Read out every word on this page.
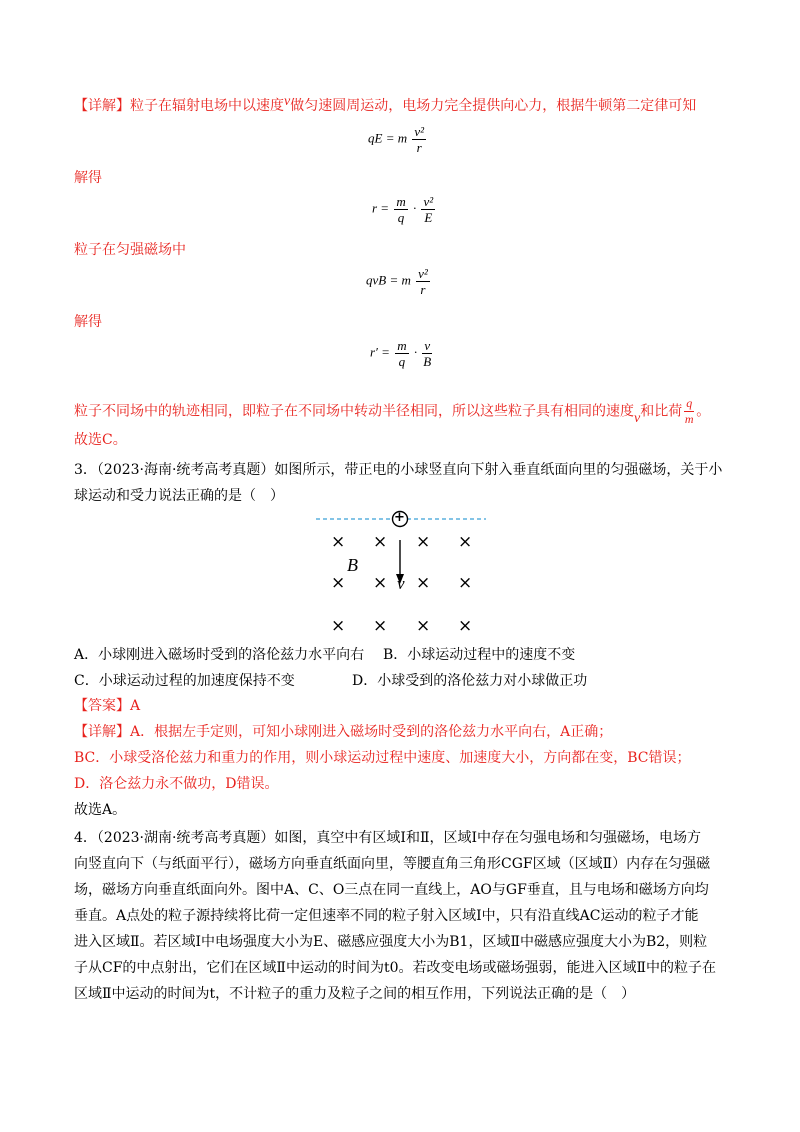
【详解】粒子在辐射电场中以速度v做匀速圆周运动，电场力完全提供向心力，根据牛顿第二定律可知
qE = m $\frac{\text{v²}}{r}$
解得
$r = \frac{m}{q} \cdot \frac{\text{v²}}{E}$
粒子在匀强磁场中
qvB = m $\frac{\text{v²}}{r}$
解得
$r' = \frac{m}{q} \cdot \frac{v}{B}$
粒子不同场中的轨迹相同，即粒子在不同场中转动半径相同，所以这些粒子具有相同的速度v和比荷 $\frac{q}{m}$ 。
故选C。
3．（2023·海南·统考高考真题）如图所示，带正电的小球竖直向下射入垂直纸面向里的匀强磁场，关于小
球运动和受力说法正确的是（　）
+
B
v
× × × ×
× × × ×
× × × ×
A．小球刚进入磁场时受到的洛伦兹力水平向右 B．小球运动过程中的速度不变
C．小球运动过程的加速度保持不变	D．小球受到的洛伦兹力对小球做正功
【答案】A
【详解】A．根据左手定则，可知小球刚进入磁场时受到的洛伦兹力水平向右，A正确；
BC．小球受洛伦兹力和重力的作用，则小球运动过程中速度、加速度大小，方向都在变，BC错误；
D．洛仑兹力永不做功，D错误。
故选A。
4．（2023·湖南·统考高考真题）如图，真空中有区域Ⅰ和Ⅱ，区域Ⅰ中存在匀强电场和匀强磁场，电场方
向竖直向下（与纸面平行），磁场方向垂直纸面向里，等腰直角三角形CGF区域（区域Ⅱ）内存在匀强磁
场，磁场方向垂直纸面向外。图中A、C、O三点在同一直线上，AO与GF垂直，且与电场和磁场方向均
垂直。A点处的粒子源持续将比荷一定但速率不同的粒子射入区域Ⅰ中，只有沿直线AC运动的粒子才能
进入区域Ⅱ。若区域Ⅰ中电场强度大小为E、磁感应强度大小为B1，区域Ⅱ中磁感应强度大小为B2，则粒
子从CF的中点射出，它们在区域Ⅱ中运动的时间为t0。若改变电场或磁场强弱，能进入区域Ⅱ中的粒子在
区域Ⅱ中运动的时间为t，不计粒子的重力及粒子之间的相互作用，下列说法正确的是（　）
